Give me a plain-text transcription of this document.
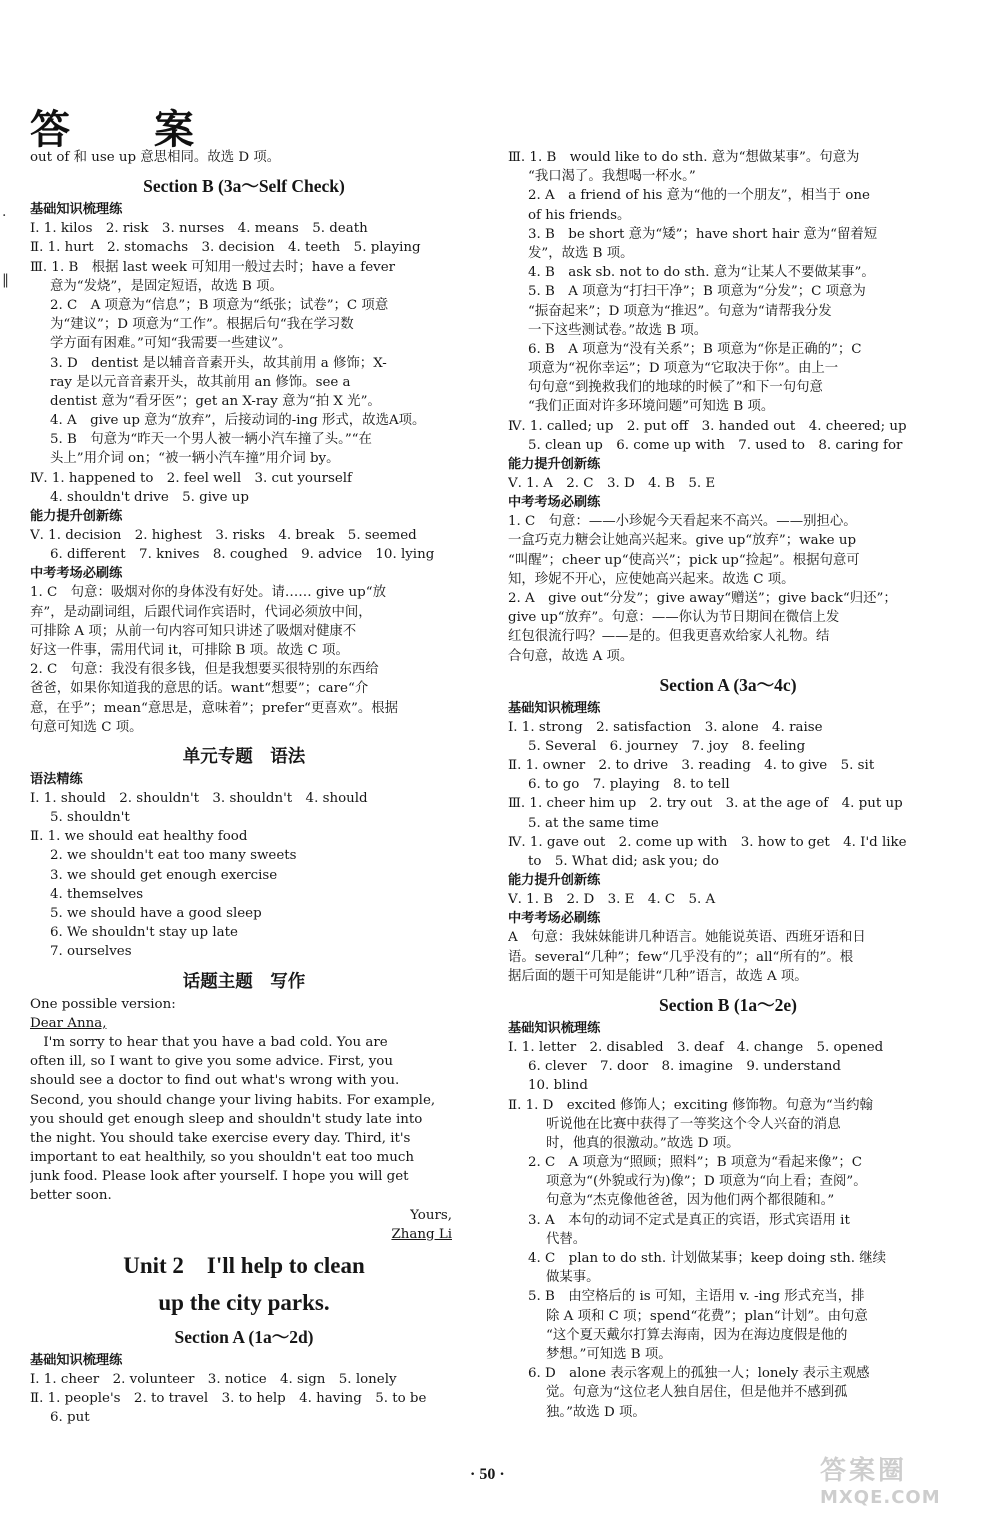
答　案
·
‖
out of 和 use up 意思相同。故选 D 项。
Section B (3a～Self Check)
基础知识梳理练
Ⅰ. 1. kilos　2. risk　3. nurses　4. means　5. death
Ⅱ. 1. hurt　2. stomachs　3. decision　4. teeth　5. playing
Ⅲ. 1. B　根据 last week 可知用一般过去时；have a fever
意为“发烧”，是固定短语，故选 B 项。
2. C　A 项意为“信息”；B 项意为“纸张；试卷”；C 项意
为“建议”；D 项意为“工作”。根据后句“我在学习数
学方面有困难。”可知“我需要一些建议”。
3. D　dentist 是以辅音音素开头，故其前用 a 修饰；X-
ray 是以元音音素开头，故其前用 an 修饰。see a
dentist 意为“看牙医”；get an X-ray 意为“拍 X 光”。
4. A　give up 意为“放弃”，后接动词的-ing 形式，故选A项。
5. B　句意为“昨天一个男人被一辆小汽车撞了头。”“在
头上”用介词 on；“被一辆小汽车撞”用介词 by。
Ⅳ. 1. happened to　2. feel well　3. cut yourself
4. shouldn't drive　5. give up
能力提升创新练
Ⅴ. 1. decision　2. highest　3. risks　4. break　5. seemed
6. different　7. knives　8. coughed　9. advice　10. lying
中考考场必刷练
1. C　句意：吸烟对你的身体没有好处。请…… give up“放
弃”，是动副词组，后跟代词作宾语时，代词必须放中间，
可排除 A 项；从前一句内容可知只讲述了吸烟对健康不
好这一件事，需用代词 it，可排除 B 项。故选 C 项。
2. C　句意：我没有很多钱，但是我想要买很特别的东西给
爸爸，如果你知道我的意思的话。want“想要”；care“介
意，在乎”；mean“意思是，意味着”；prefer“更喜欢”。根据
句意可知选 C 项。
单元专题　语法
语法精练
Ⅰ. 1. should　2. shouldn't　3. shouldn't　4. should
5. shouldn't
Ⅱ. 1. we should eat healthy food
2. we shouldn't eat too many sweets
3. we should get enough exercise
4. themselves
5. we should have a good sleep
6. We shouldn't stay up late
7. ourselves
话题主题　写作
One possible version:
Dear Anna,
　I'm sorry to hear that you have a bad cold. You are
often ill, so I want to give you some advice. First, you
should see a doctor to find out what's wrong with you.
Second, you should change your living habits. For example,
you should get enough sleep and shouldn't study late into
the night. You should take exercise every day. Third, it's
important to eat healthily, so you shouldn't eat too much
junk food. Please look after yourself. I hope you will get
better soon.
Yours,
Zhang Li
Unit 2　I'll help to clean
up the city parks.
Section A (1a～2d)
基础知识梳理练
Ⅰ. 1. cheer　2. volunteer　3. notice　4. sign　5. lonely
Ⅱ. 1. people's　2. to travel　3. to help　4. having　5. to be
6. put
Ⅲ. 1. B　would like to do sth. 意为“想做某事”。句意为
“我口渴了。我想喝一杯水。”
2. A　a friend of his 意为“他的一个朋友”，相当于 one
of his friends。
3. B　be short 意为“矮”；have short hair 意为“留着短
发”，故选 B 项。
4. B　ask sb. not to do sth. 意为“让某人不要做某事”。
5. B　A 项意为“打扫干净”；B 项意为“分发”；C 项意为
“振奋起来”；D 项意为“推迟”。句意为“请帮我分发
一下这些测试卷。”故选 B 项。
6. B　A 项意为“没有关系”；B 项意为“你是正确的”；C
项意为“祝你幸运”；D 项意为“它取决于你”。由上一
句句意“到挽救我们的地球的时候了”和下一句句意
“我们正面对许多环境问题”可知选 B 项。
Ⅳ. 1. called; up　2. put off　3. handed out　4. cheered; up
5. clean up　6. come up with　7. used to　8. caring for
能力提升创新练
Ⅴ. 1. A　2. C　3. D　4. B　5. E
中考考场必刷练
1. C　句意：——小珍妮今天看起来不高兴。——别担心。
一盒巧克力糖会让她高兴起来。give up“放弃”；wake up
“叫醒”；cheer up“使高兴”；pick up“捡起”。根据句意可
知，珍妮不开心，应使她高兴起来。故选 C 项。
2. A　give out“分发”；give away“赠送”；give back“归还”；
give up“放弃”。句意：——你认为节日期间在微信上发
红包很流行吗？——是的。但我更喜欢给家人礼物。结
合句意，故选 A 项。
Section A (3a～4c)
基础知识梳理练
Ⅰ. 1. strong　2. satisfaction　3. alone　4. raise
5. Several　6. journey　7. joy　8. feeling
Ⅱ. 1. owner　2. to drive　3. reading　4. to give　5. sit
6. to go　7. playing　8. to tell
Ⅲ. 1. cheer him up　2. try out　3. at the age of　4. put up
5. at the same time
Ⅳ. 1. gave out　2. come up with　3. how to get　4. I'd like
to　5. What did; ask you; do
能力提升创新练
Ⅴ. 1. B　2. D　3. E　4. C　5. A
中考考场必刷练
A　句意：我妹妹能讲几种语言。她能说英语、西班牙语和日
语。several“几种”；few“几乎没有的”；all“所有的”。根
据后面的题干可知是能讲“几种”语言，故选 A 项。
Section B (1a～2e)
基础知识梳理练
Ⅰ. 1. letter　2. disabled　3. deaf　4. change　5. opened
6. clever　7. door　8. imagine　9. understand
10. blind
Ⅱ. 1. D　excited 修饰人；exciting 修饰物。句意为“当约翰
听说他在比赛中获得了一等奖这个令人兴奋的消息
时，他真的很激动。”故选 D 项。
2. C　A 项意为“照顾；照料”；B 项意为“看起来像”；C
项意为“(外貌或行为)像”；D 项意为“向上看；查阅”。
句意为“杰克像他爸爸，因为他们两个都很随和。”
3. A　本句的动词不定式是真正的宾语，形式宾语用 it
代替。
4. C　plan to do sth. 计划做某事；keep doing sth. 继续
做某事。
5. B　由空格后的 is 可知，主语用 v. -ing 形式充当，排
除 A 项和 C 项；spend“花费”；plan“计划”。由句意
“这个夏天戴尔打算去海南，因为在海边度假是他的
梦想。”可知选 B 项。
6. D　alone 表示客观上的孤独一人；lonely 表示主观感
觉。句意为“这位老人独自居住，但是他并不感到孤
独。”故选 D 项。
· 50 ·	答案圈
MXQE.COM
